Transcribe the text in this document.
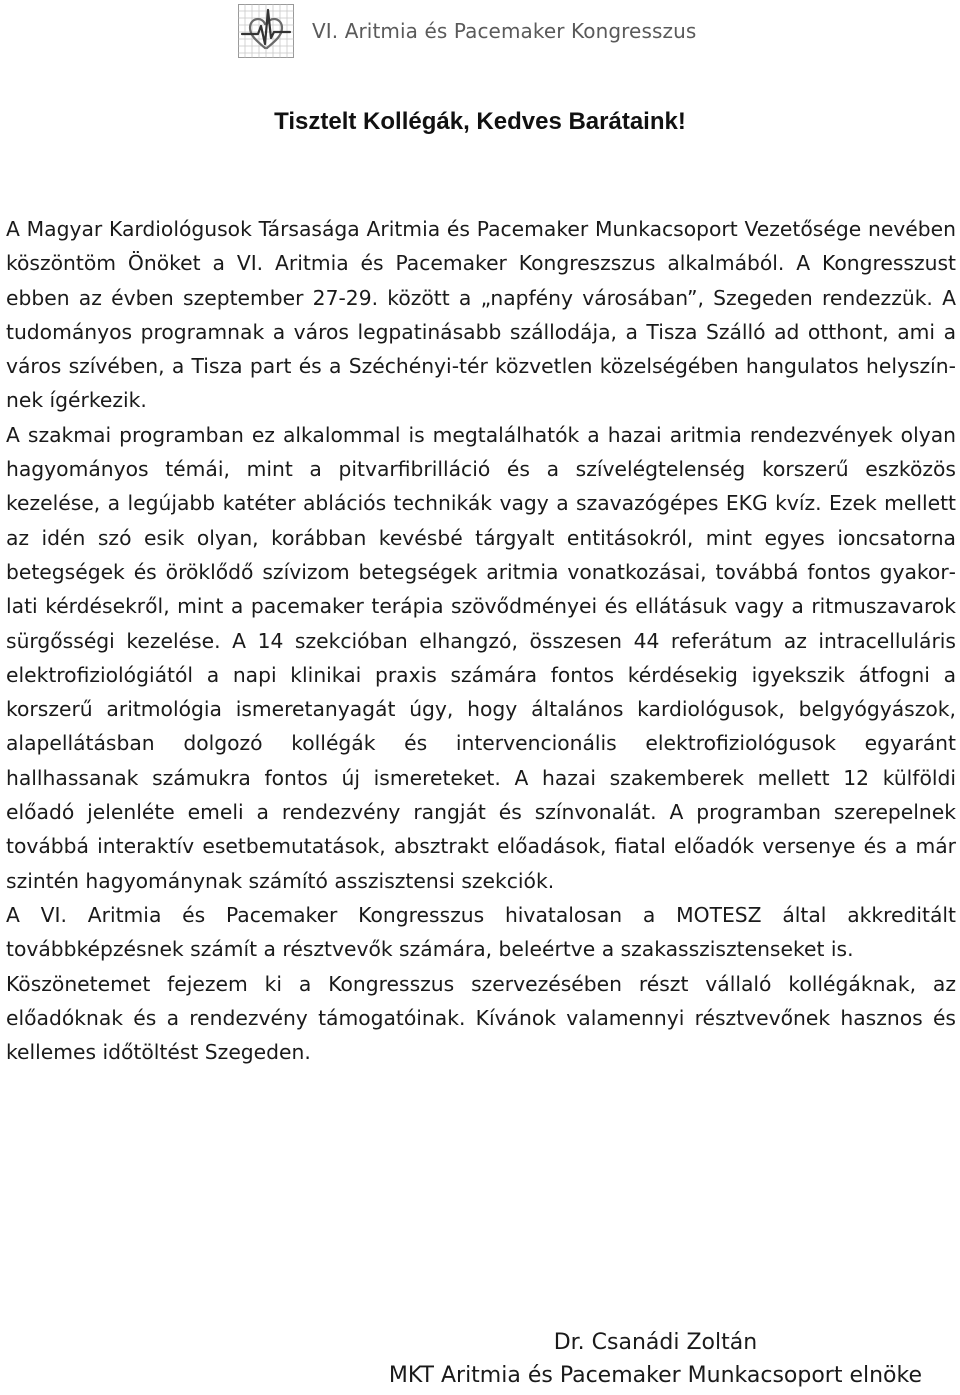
VI. Aritmia és Pacemaker Kongresszus
Tisztelt Kollégák, Kedves Barátaink!

A Magyar Kardiológusok Társasága Aritmia és Pacemaker Munkacsoport Vezetősége nevében köszöntöm Önöket a VI. Aritmia és Pacemaker Kongreszszus alkalmából. A Kongresszust ebben az évben szeptember 27-29. között a „napfény városában”, Szegeden rendezzük. A tudományos programnak a város legpatinásabb szállodája, a Tisza Szálló ad otthont, ami a város szívében, a Tisza part és a Széchényi-tér közvetlen közelségében hangulatos helyszínnek ígérkezik.

A szakmai programban ez alkalommal is megtalálhatók a hazai aritmia rendezvények olyan hagyományos témái, mint a pitvarfibrilláció és a szívelégtelenség korszerű eszközös kezelése, a legújabb katéter ablációs technikák vagy a szavazógépes EKG kvíz. Ezek mellett az idén szó esik olyan, korábban kevésbé tárgyalt entitásokról, mint egyes ioncsatorna betegségek és öröklődő szívizom betegségek aritmia vonatkozásai, továbbá fontos gyakorlati kérdésekről, mint a pacemaker terápia szövődményei és ellátásuk vagy a ritmuszavarok sürgősségi kezelése. A 14 szekcióban elhangzó, összesen 44 referátum az intracelluláris elektrofiziológiától a napi klinikai praxis számára fontos kérdésekig igyekszik átfogni a korszerű aritmológia ismeretanyagát úgy, hogy általános kardiológusok, belgyógyászok, alapellátásban dolgozó kollégák és intervencionális elektrofiziológusok egyaránt hallhassanak számukra fontos új ismereteket. A hazai szakemberek mellett 12 külföldi előadó jelenléte emeli a rendezvény rangját és színvonalát. A programban szerepelnek továbbá interaktív esetbemutatások, absztrakt előadások, fiatal előadók versenye és a már szintén hagyománynak számító asszisztensi szekciók.

A VI. Aritmia és Pacemaker Kongresszus hivatalosan a MOTESZ által akkreditált továbbképzésnek számít a résztvevők számára, beleértve a szakasszisztenseket is.

Köszönetemet fejezem ki a Kongresszus szervezésében részt vállaló kollégáknak, az előadóknak és a rendezvény támogatóinak. Kívánok valamennyi résztvevőnek hasznos és kellemes időtöltést Szegeden.

Dr. Csanádi Zoltán
MKT Aritmia és Pacemaker Munkacsoport elnöke
